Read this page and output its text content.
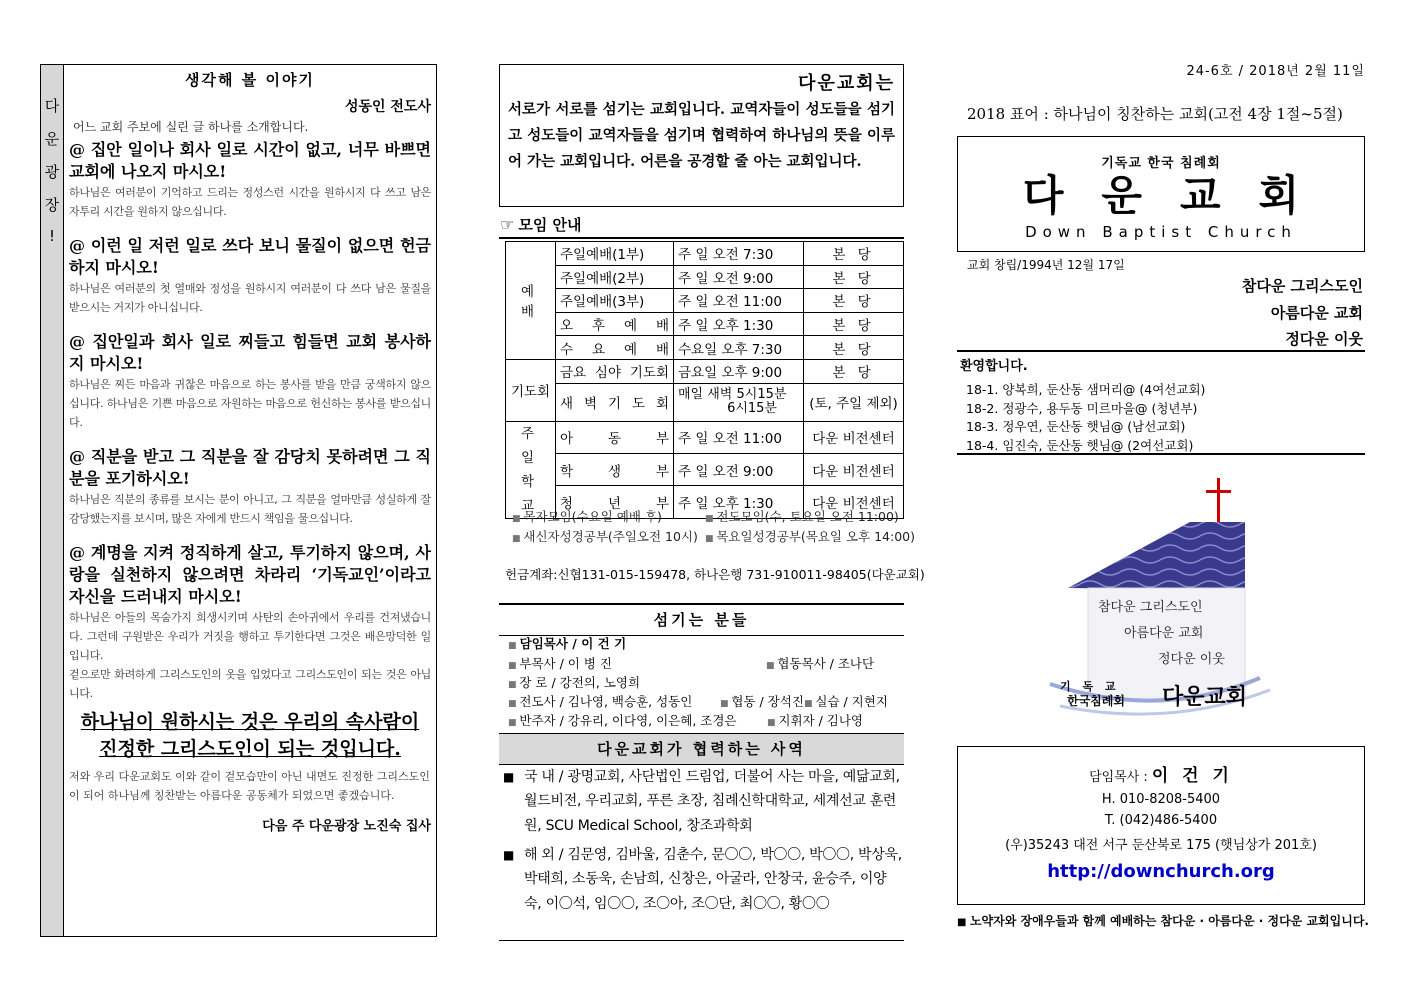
다
운
광
장
!
생각해 볼 이야기
성동인 전도사
어느 교회 주보에 실린 글 하나를 소개합니다.
@ 집안 일이나 회사 일로 시간이 없고, 너무 바쁘면 교회에 나오지 마시오!
하나님은 여러분이 기억하고 드리는 정성스런 시간을 원하시지 다 쓰고 남은 자투리 시간을 원하지 않으십니다.
@ 이런 일 저런 일로 쓰다 보니 물질이 없으면 헌금하지 마시오!
하나님은 여러분의 첫 열매와 정성을 원하시지 여러분이 다 쓰다 남은 물질을 받으시는 거지가 아니십니다.
@ 집안일과 회사 일로 찌들고 힘들면 교회 봉사하지 마시오!
하나님은 찌든 마음과 귀찮은 마음으로 하는 봉사를 받을 만큼 궁색하지 않으십니다. 하나님은 기쁜 마음으로 자원하는 마음으로 헌신하는 봉사를 받으십니다.
@ 직분을 받고 그 직분을 잘 감당치 못하려면 그 직분을 포기하시오!
하나님은 직분의 종류를 보시는 분이 아니고, 그 직분을 얼마만큼 성실하게 잘 감당했는지를 보시며, 많은 자에게 반드시 책임을 물으십니다.
@ 계명을 지켜 정직하게 살고, 투기하지 않으며, 사랑을 실천하지 않으려면 차라리 ‘기독교인’이라고 자신을 드러내지 마시오!
하나님은 아들의 목숨가지 희생시키며 사탄의 손아귀에서 우리를 건져냈습니다. 그런데 구원받은 우리가 거짓을 행하고 투기한다면 그것은 배은망덕한 일입니다.
겉으로만 화려하게 그리스도인의 옷을 입었다고 그리스도인이 되는 것은 아닙니다.
하나님이 원하시는 것은 우리의 속사람이
진정한 그리스도인이 되는 것입니다.
저와 우리 다운교회도 이와 같이 겉모습만이 아닌 내면도 진정한 그리스도인이 되어 하나님께 칭찬받는 아름다운 공동체가 되었으면 좋겠습니다.
다음 주 다운광장 노진숙 집사
다운교회는
서로가 서로를 섬기는 교회입니다. 교역자들이 성도들을 섬기고 성도들이 교역자들을 섬기며 협력하여 하나님의 뜻을 이루어 가는 교회입니다. 어른을 공경할 줄 아는 교회입니다.
☞ 모임 안내
예 배	주일예배(1부)	주 일 오전 7:30	본 당
	주일예배(2부)	주 일 오전 9:00	본 당
	주일예배(3부)	주 일 오전 11:00	본 당
	오 후 예 배	주 일 오후 1:30	본 당
	수 요 예 배	수요일 오후 7:30	본 당
기도회	금요 심야 기도회	금요일 오후 9:00	본 당
	새 벽 기 도 회	매일 새벽 5시15분
6시15분	(토, 주일 제외)

주 일
학 교	아 동 부	주 일 오전 11:00	다운 비전센터
	학 생 부	주 일 오전 9:00	다운 비전센터
	청 년 부	주 일 오후 1:30	다운 비전센터
■ 목자모임(수요일 예배 후)	■ 전도모임(수, 토요일 오전 11:00)
■ 새신자성경공부(주일오전 10시)	■ 목요일성경공부(목요일 오후 14:00)
헌금계좌:신협131-015-159478, 하나은행 731-910011-98405(다운교회)
섬기는 분들
■ 담임목사 / 이 건 기
■ 부목사 / 이 병 진	■ 협동목사 / 조나단
■ 장 로 / 강전의, 노영희
■ 전도사 / 김나영, 백승훈, 성동인	■ 협동 / 장석진 ■ 실습 / 지현지
■ 반주자 / 강유리, 이다영, 이은혜, 조경은	■ 지휘자 / 김나영
다운교회가 협력하는 사역
■ 국 내 / 광명교회, 사단법인 드림업, 더불어 사는 마을, 예닮교회, 월드비전, 우리교회, 푸른 초장, 침례신학대학교, 세계선교 훈련원, SCU Medical School, 창조과학회
■ 해 외 / 김문영, 김바울, 김춘수, 문〇〇, 박〇〇, 박〇〇, 박상욱, 박태희, 소동욱, 손남희, 신창은, 아굴라, 안창국, 윤승주, 이양숙, 이〇석, 임〇〇, 조〇아, 조〇단, 최〇〇, 황〇〇
24-6호 / 2018년 2월 11일
2018 표어 : 하나님이 칭찬하는 교회(고전 4장 1절~5절)
기독교 한국 침례회
다운교회
Down Baptist Church
교회 창립/1994년 12월 17일
참다운 그리스도인
아름다운 교회
정다운 이웃
환영합니다.
18-1. 양복희, 둔산동 샘머리@ (4여선교회)
18-2. 정광수, 용두동 미르마을@ (청년부)
18-3. 정우연, 둔산동 햇님@ (남선교회)
18-4. 임진숙, 둔산동 햇님@ (2여선교회)
참다운 그리스도인
아름다운 교회
정다운 이웃
기 독 교
한국침례회 다운교회
담임목사 : 이 건 기
H. 010-8208-5400
T. (042)486-5400
(우)35243 대전 서구 둔산북로 175 (햇님상가 201호)
http://downchurch.org
■ 노약자와 장애우들과 함께 예배하는 참다운 · 아름다운 · 정다운 교회입니다.
